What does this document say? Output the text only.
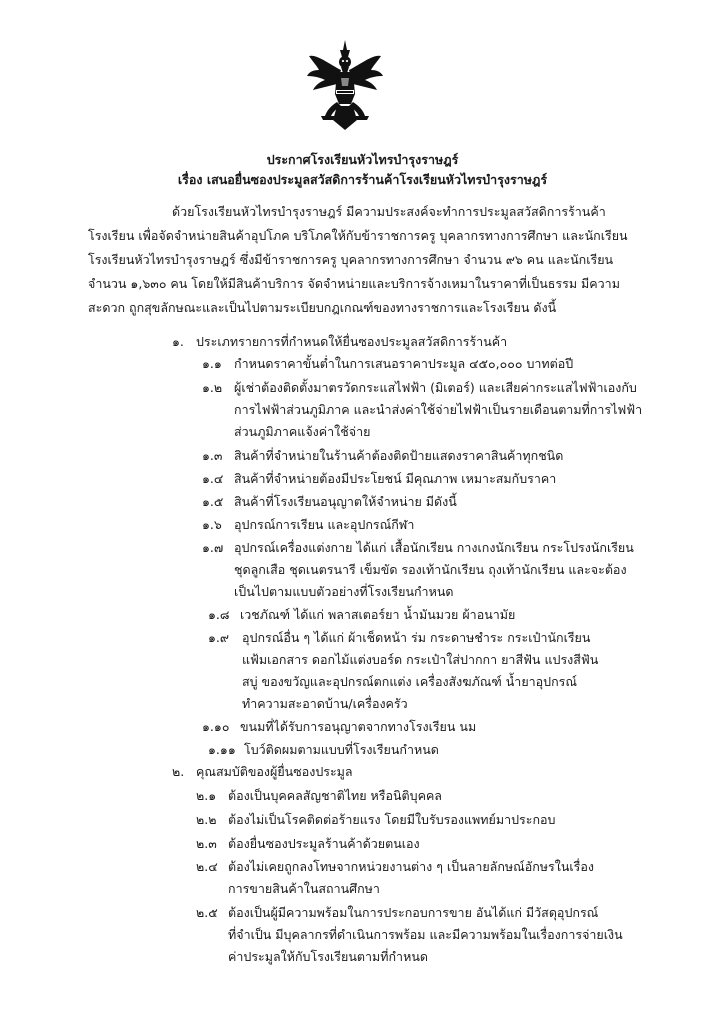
ประกาศโรงเรียนหัวไทรบำรุงราษฎร์
เรื่อง เสนอยื่นซองประมูลสวัสดิการร้านค้าโรงเรียนหัวไทรบำรุงราษฎร์
ด้วยโรงเรียนหัวไทรบำรุงราษฎร์ มีความประสงค์จะทำการประมูลสวัสดิการร้านค้า
โรงเรียน เพื่อจัดจำหน่ายสินค้าอุปโภค บริโภคให้กับข้าราชการครู บุคลากรทางการศึกษา และนักเรียน
โรงเรียนหัวไทรบำรุงราษฎร์ ซึ่งมีข้าราชการครู บุคลากรทางการศึกษา จำนวน ๙๖ คน และนักเรียน
จำนวน ๑,๖๓๐ คน โดยให้มีสินค้าบริการ จัดจำหน่ายและบริการจ้างเหมาในราคาที่เป็นธรรม มีความ
สะดวก ถูกสุขลักษณะและเป็นไปตามระเบียบกฎเกณฑ์ของทางราชการและโรงเรียน ดังนี้
๑. ประเภทรายการที่กำหนดให้ยื่นซองประมูลสวัสดิการร้านค้า
๑.๑ กำหนดราคาขั้นต่ำในการเสนอราคาประมูล ๔๕๐,๐๐๐ บาทต่อปี
๑.๒ ผู้เช่าต้องติดตั้งมาตรวัดกระแสไฟฟ้า (มิเตอร์) และเสียค่ากระแสไฟฟ้าเองกับ
การไฟฟ้าส่วนภูมิภาค และนำส่งค่าใช้จ่ายไฟฟ้าเป็นรายเดือนตามที่การไฟฟ้า
ส่วนภูมิภาคแจ้งค่าใช้จ่าย
๑.๓ สินค้าที่จำหน่ายในร้านค้าต้องติดป้ายแสดงราคาสินค้าทุกชนิด
๑.๔ สินค้าที่จำหน่ายต้องมีประโยชน์ มีคุณภาพ เหมาะสมกับราคา
๑.๕ สินค้าที่โรงเรียนอนุญาตให้จำหน่าย มีดังนี้
๑.๖ อุปกรณ์การเรียน และอุปกรณ์กีฬา
๑.๗ อุปกรณ์เครื่องแต่งกาย ได้แก่ เสื้อนักเรียน กางเกงนักเรียน กระโปรงนักเรียน
ชุดลูกเสือ ชุดเนตรนารี เข็มขัด รองเท้านักเรียน ถุงเท้านักเรียน และจะต้อง
เป็นไปตามแบบตัวอย่างที่โรงเรียนกำหนด
๑.๘ เวชภัณฑ์ ได้แก่ พลาสเตอร์ยา น้ำมันมวย ผ้าอนามัย
๑.๙ อุปกรณ์อื่น ๆ ได้แก่ ผ้าเช็ดหน้า ร่ม กระดาษชำระ กระเป๋านักเรียน
แฟ้มเอกสาร ดอกไม้แต่งบอร์ด กระเป๋าใส่ปากกา ยาสีฟัน แปรงสีฟัน
สบู่ ของขวัญและอุปกรณ์ตกแต่ง เครื่องสังฆภัณฑ์ น้ำยาอุปกรณ์
ทำความสะอาดบ้าน/เครื่องครัว
๑.๑๐ ขนมที่ได้รับการอนุญาตจากทางโรงเรียน นม
๑.๑๑ โบว์ติดผมตามแบบที่โรงเรียนกำหนด
๒. คุณสมบัติของผู้ยื่นซองประมูล
๒.๑ ต้องเป็นบุคคลสัญชาติไทย หรือนิติบุคคล
๒.๒ ต้องไม่เป็นโรคติดต่อร้ายแรง โดยมีใบรับรองแพทย์มาประกอบ
๒.๓ ต้องยื่นซองประมูลร้านค้าด้วยตนเอง
๒.๔ ต้องไม่เคยถูกลงโทษจากหน่วยงานต่าง ๆ เป็นลายลักษณ์อักษรในเรื่อง
การขายสินค้าในสถานศึกษา
๒.๕ ต้องเป็นผู้มีความพร้อมในการประกอบการขาย อันได้แก่ มีวัสดุอุปกรณ์
ที่จำเป็น มีบุคลากรที่ดำเนินการพร้อม และมีความพร้อมในเรื่องการจ่ายเงิน
ค่าประมูลให้กับโรงเรียนตามที่กำหนด
